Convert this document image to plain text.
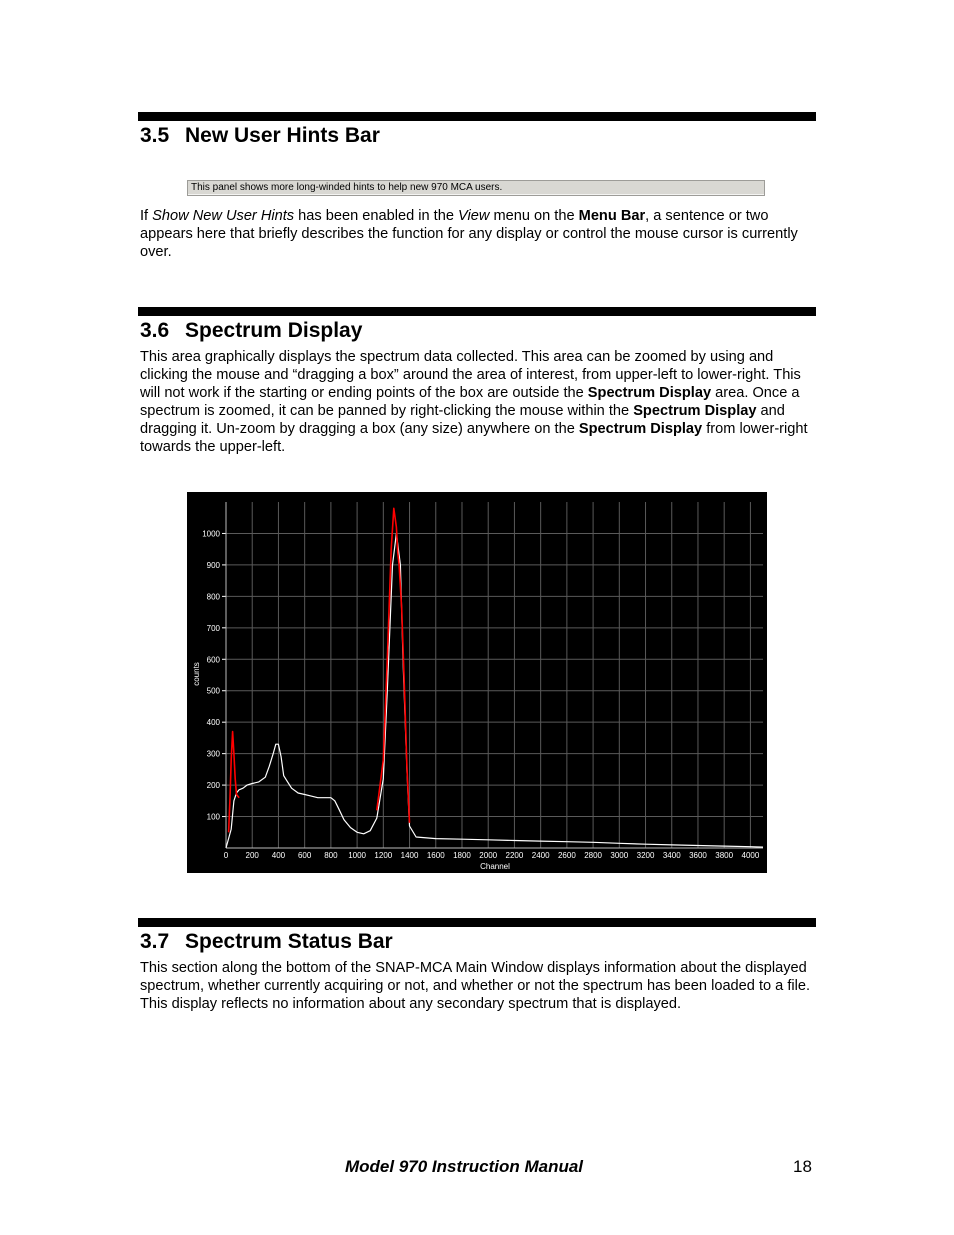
3.5 New User Hints Bar
This panel shows more long-winded hints to help new 970 MCA users.

If Show New User Hints has been enabled in the View menu on the Menu Bar, a sentence or two appears here that briefly describes the function for any display or control the mouse cursor is currently over.

3.6 Spectrum Display

This area graphically displays the spectrum data collected. This area can be zoomed by using and clicking the mouse and “dragging a box” around the area of interest, from upper-left to lower-right. This will not work if the starting or ending points of the box are outside the Spectrum Display area. Once a spectrum is zoomed, it can be panned by right-clicking the mouse within the Spectrum Display and dragging it. Un-zoom by dragging a box (any size) anywhere on the Spectrum Display from lower-right towards the upper-left.

0 200 400 600 800 1000 1200 1400 1600 1800 2000 2200 2400 2600 2800 3000 3200 3400 3600 3800 4000
100
200
300
400
500
600
700
800
900
1000
counts
Channel
3.7 Spectrum Status Bar

This section along the bottom of the SNAP-MCA Main Window displays information about the displayed spectrum, whether currently acquiring or not, and whether or not the spectrum has been loaded to a file. This display reflects no information about any secondary spectrum that is displayed.

Model 970 Instruction Manual	18
